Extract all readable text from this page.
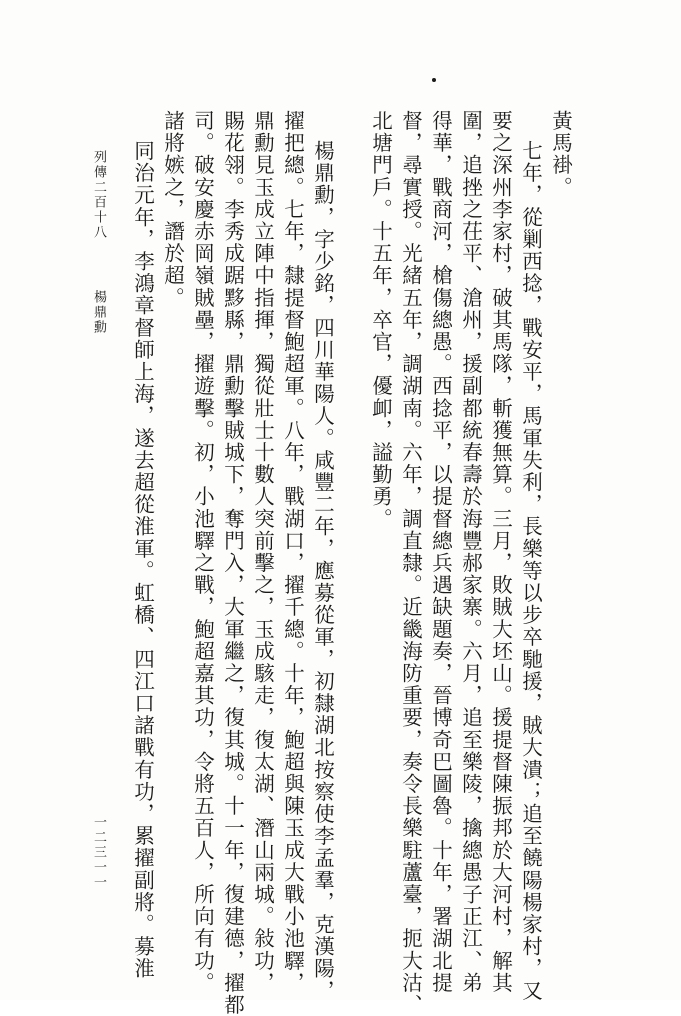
黃馬褂。
七年，從剿西捻，戰安平，馬軍失利，長樂等以步卒馳援，賊大潰；追至饒陽楊家村，又
要之深州李家村，破其馬隊，斬獲無算。三月，敗賊大坯山。援提督陳振邦於大河村，解其
圍，追挫之茌平、滄州，援副都統春壽於海豐郝家寨。六月，追至樂陵，擒總愚子正江、弟
得華，戰商河，槍傷總愚。西捻平，以提督總兵遇缺題奏，晉博奇巴圖魯。十年，署湖北提
督，尋實授。光緒五年，調湖南。六年，調直隸。近畿海防重要，奏令長樂駐蘆臺，扼大沽、
北塘門戶。十五年，卒官，優卹，謚勤勇。
楊鼎勳，字少銘，四川華陽人。咸豐二年，應募從軍，初隸湖北按察使李孟羣，克漢陽，
擢把總。七年，隸提督鮑超軍。八年，戰湖口，擢千總。十年，鮑超與陳玉成大戰小池驛，
鼎勳見玉成立陣中指揮，獨從壯士十數人突前擊之，玉成駭走，復太湖、潛山兩城。敍功，
賜花翎。李秀成踞黟縣，鼎勳擊賊城下，奪門入，大軍繼之，復其城。十一年，復建德，擢都
司。破安慶赤岡嶺賊壘，擢遊擊。初，小池驛之戰，鮑超嘉其功，令將五百人，所向有功。
諸將嫉之，譖於超。
同治元年，李鴻章督師上海，遂去超從淮軍。虹橋、四江口諸戰有功，累擢副將。募淮
列傳二百十八
楊鼎勳
一二三一一
